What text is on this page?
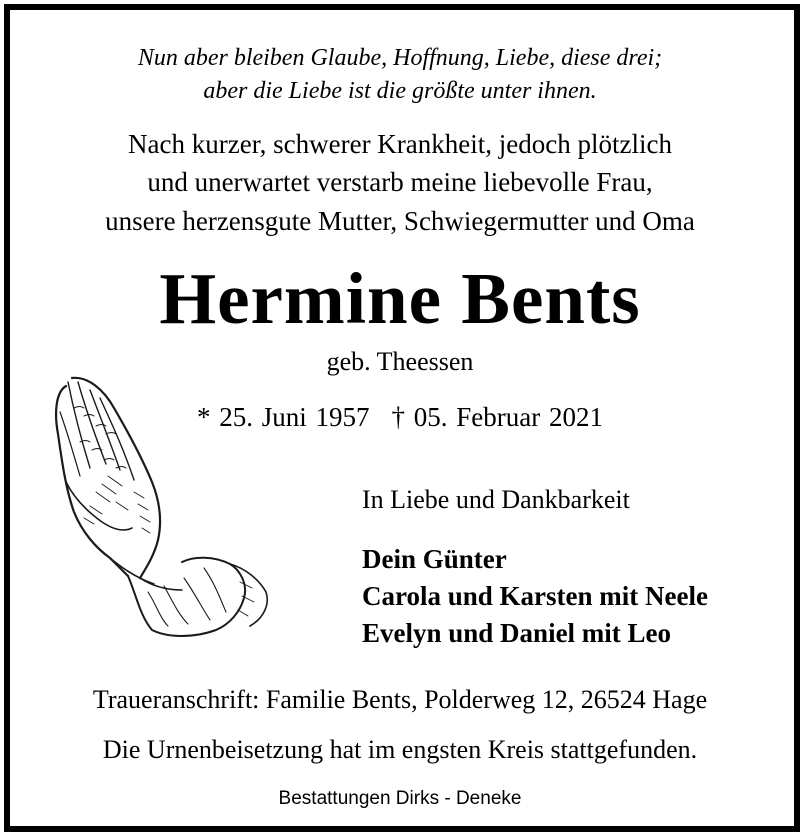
Nun aber bleiben Glaube, Hoffnung, Liebe, diese drei;
aber die Liebe ist die größte unter ihnen.
Nach kurzer, schwerer Krankheit, jedoch plötzlich
und unerwartet verstarb meine liebevolle Frau,
unsere herzensgute Mutter, Schwiegermutter und Oma
Hermine Bents
geb. Theessen
* 25. Juni 1957 † 05. Februar 2021
In Liebe und Dankbarkeit
Dein Günter
Carola und Karsten mit Neele
Evelyn und Daniel mit Leo
Traueranschrift: Familie Bents, Polderweg 12, 26524 Hage
Die Urnenbeisetzung hat im engsten Kreis stattgefunden.
Bestattungen Dirks - Deneke
